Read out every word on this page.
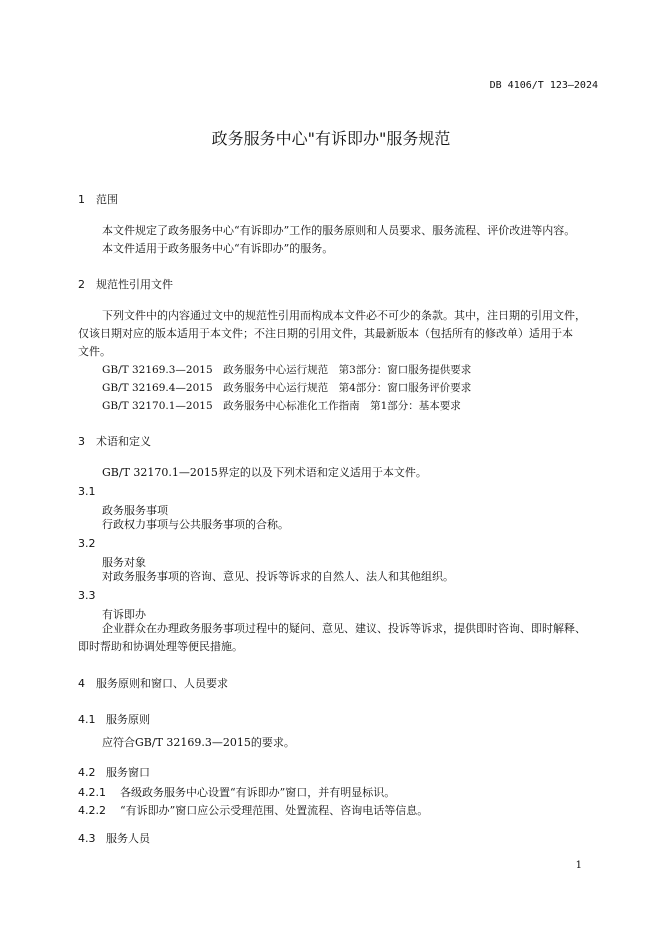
DB 4106/T 123—2024
政务服务中心"有诉即办"服务规范
1 范围
本文件规定了政务服务中心“有诉即办”工作的服务原则和人员要求、服务流程、评价改进等内容。
本文件适用于政务服务中心“有诉即办”的服务。
2 规范性引用文件
下列文件中的内容通过文中的规范性引用而构成本文件必不可少的条款。其中，注日期的引用文件，
仅该日期对应的版本适用于本文件；不注日期的引用文件，其最新版本（包括所有的修改单）适用于本
文件。
GB/T 32169.3—2015　 政务服务中心运行规范　第3部分：窗口服务提供要求
GB/T 32169.4—2015　 政务服务中心运行规范　第4部分：窗口服务评价要求
GB/T 32170.1—2015　 政务服务中心标准化工作指南　第1部分：基本要求
3 术语和定义
GB/T 32170.1—2015界定的以及下列术语和定义适用于本文件。
3.1
政务服务事项
行政权力事项与公共服务事项的合称。
3.2
服务对象
对政务服务事项的咨询、意见、投诉等诉求的自然人、法人和其他组织。
3.3
有诉即办
企业群众在办理政务服务事项过程中的疑问、意见、建议、投诉等诉求，提供即时咨询、即时解释、
即时帮助和协调处理等便民措施。
4 服务原则和窗口、人员要求
4.1 服务原则
应符合GB/T 32169.3—2015的要求。
4.2 服务窗口
4.2.1 各级政务服务中心设置“有诉即办”窗口，并有明显标识。
4.2.2 “有诉即办”窗口应公示受理范围、处置流程、咨询电话等信息。
4.3 服务人员
1
